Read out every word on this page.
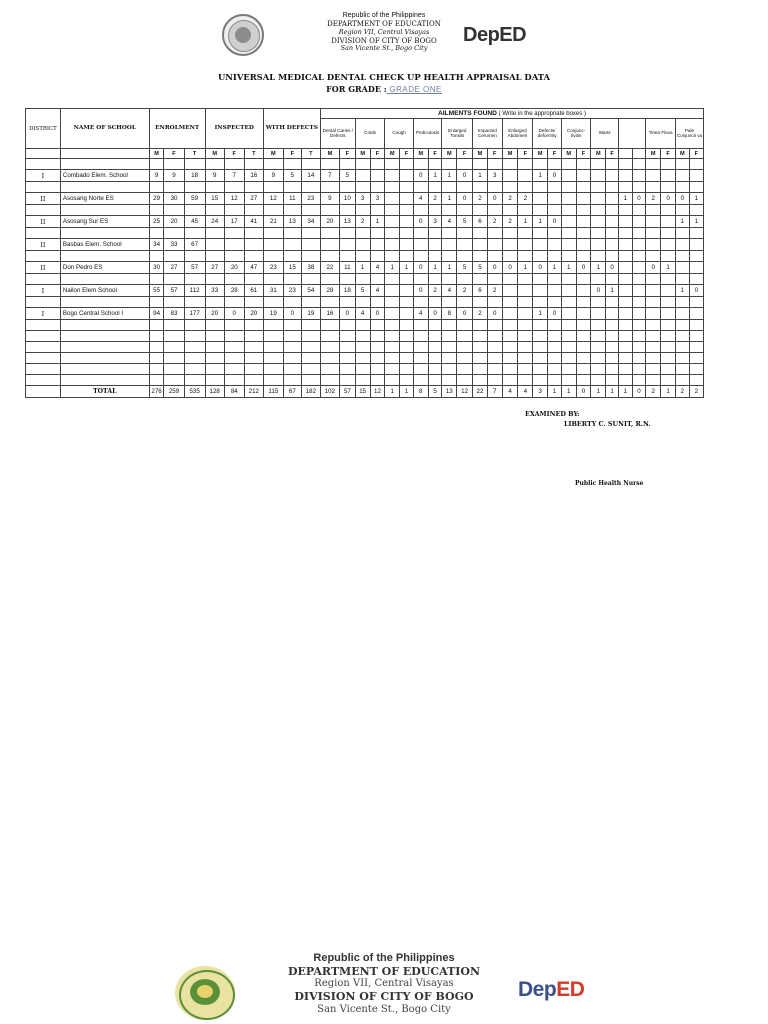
Republic of the Philippines
DEPARTMENT OF EDUCATION
Region VII, Central Visayas
DIVISION OF CITY OF BOGO
San Vicente St., Bogo City
DepED
UNIVERSAL MEDICAL DENTAL CHECK UP HEALTH APPRAISAL DATA
FOR GRADE : GRADE ONE
DISTRICT	NAME OF SCHOOL	ENROLMENT			INSPECTED			WITH DEFECTS			AILMENTS FOUND ( Write in the appropriate boxes )																									
											Dental Caries / Defects		Colds		Cough		Pediculosis		Enlarged Tonsils		Impacted Cerumen		Enlarged Abdomen		Defects/ deformity		Conjunc- tivitis		Warts				Tinea Flava		Pale Conjuncti va	
		M	F	T	M	F	T	M	F	T	M	F	M	F	M	F	M	F	M	F	M	F	M	F	M	F	M	F	M	F			M	F	M	F

I	Combado Elem. School	9	9	18	9	7	16	9	5	14	7	5					0	1	1	0	1	3			1	0										

II	Asosang Norte ES	29	30	59	15	12	27	12	11	23	9	10	3	3			4	2	1	0	2	0	2	2							1	0	2	0	0	1

II	Asosang Sur ES	25	20	45	24	17	41	21	13	34	20	13	2	1			0	3	4	5	6	2	2	1	1	0									1	1

II	Basbas Elem. School	34	33	67																																

II	Don Pedro ES	30	27	57	27	20	47	23	15	38	22	11	1	4	1	1	0	1	1	5	5	0	0	1	0	1	1	0	1	0			0	1		

I	Nailon Elem School	55	57	112	33	28	61	31	23	54	28	18	5	4			0	2	4	2	6	2							0	1					1	0

I	Bogo Central School I	94	83	177	20	0	20	19	0	19	16	0	4	0			4	0	8	0	2	0			1	0										

	TOTAL	276	259	535	128	84	212	115	67	182	102	57	15	12	1	1	8	5	13	12	22	7	4	4	3	1	1	0	1	1	1	0	2	1	2	2
EXAMINED BY:
LIBERTY C. SUNIT, R.N.
Public Health Nurse
Republic of the Philippines
DEPARTMENT OF EDUCATION
Region VII, Central Visayas
DIVISION OF CITY OF BOGO
San Vicente St., Bogo City
DepED
